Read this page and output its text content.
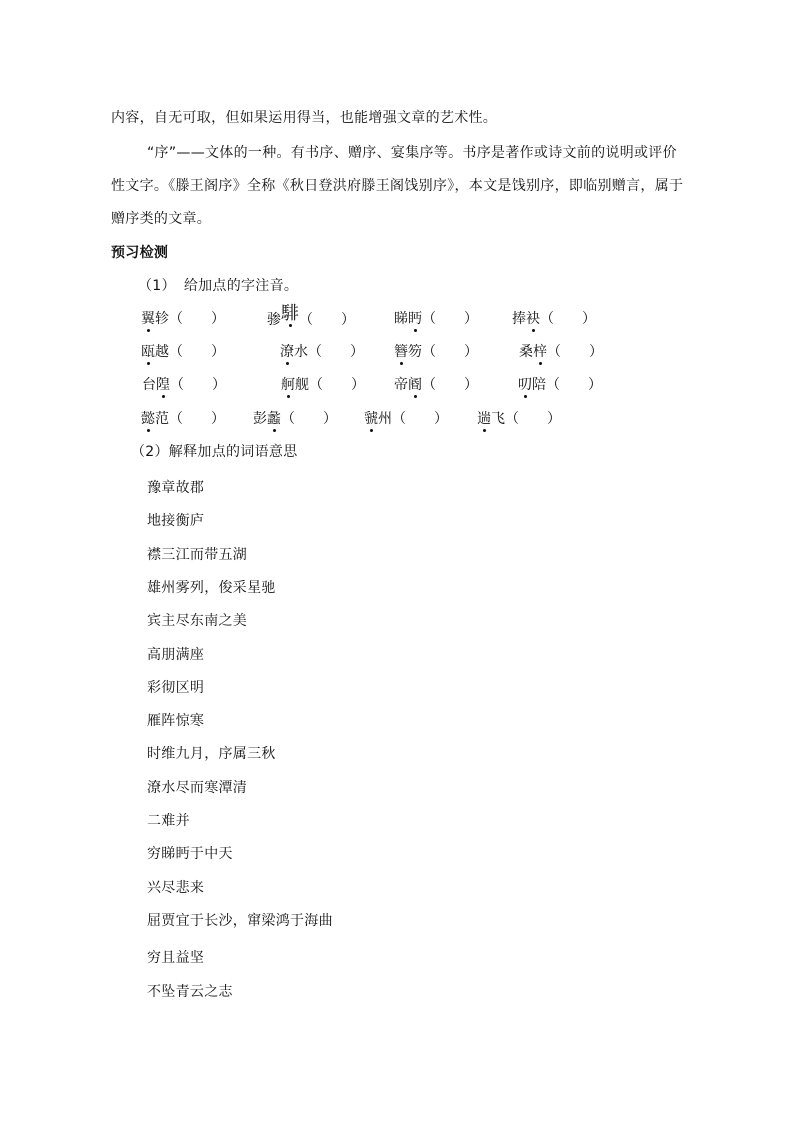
内容，自无可取，但如果运用得当，也能增强文章的艺术性。
“序”——文体的一种。有书序、赠序、宴集序等。书序是著作或诗文前的说明或评价
性文字。《滕王阁序》全称《秋日登洪府滕王阁饯别序》，本文是饯别序，即临别赠言，属于
赠序类的文章。
预习检测
（1） 给加点的字注音。
翼轸（　　）	骖騑（　　）	睇眄（　　） 捧袂（　　）
瓯越（　　）	潦水（　　） 簪笏（　　）	桑梓（　　）
台隍（　　）	舸舰（　　） 帝阍（　　）	叨陪（　　）
懿范（　　） 彭蠡（　　） 虢州（　　） 遄飞（　　）
（2）解释加点的词语意思
豫章故郡
地接衡庐
襟三江而带五湖
雄州雾列，俊采星驰
宾主尽东南之美
高朋满座
彩彻区明
雁阵惊寒
时维九月，序属三秋
潦水尽而寒潭清
二难并
穷睇眄于中天
兴尽悲来
屈贾宜于长沙，窜梁鸿于海曲
穷且益坚
不坠青云之志
